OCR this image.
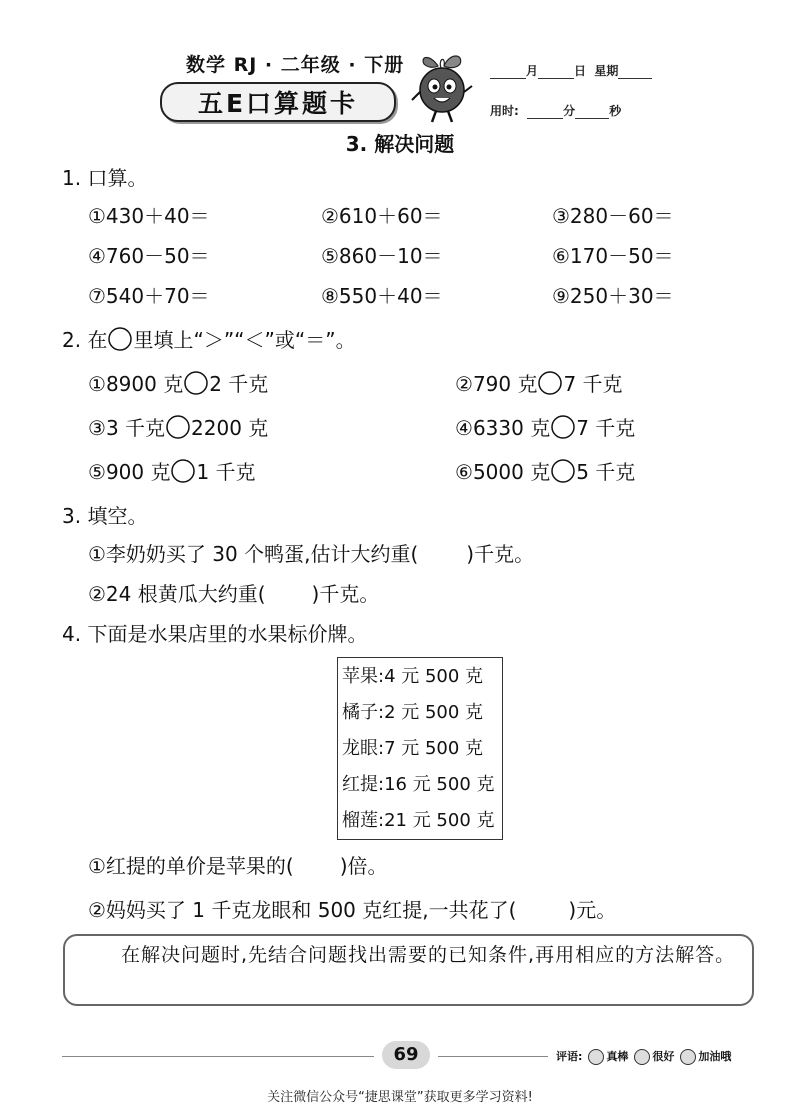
数学 RJ · 二年级 · 下册
五E口算题卡
月	日 星期
用时:	分	秒
3. 解决问题
1. 口算。
①430＋40＝	②610＋60＝	③280－60＝
④760－50＝	⑤860－10＝	⑥170－50＝
⑦540＋70＝	⑧550＋40＝	⑨250＋30＝
2. 在 里填上“＞”“＜”或“＝”。
①8900 克 2 千克	②790 克 7 千克
③3 千克 2200 克	④6330 克 7 千克
⑤900 克 1 千克	⑥5000 克 5 千克
3. 填空。
①李奶奶买了 30 个鸭蛋,估计大约重( )千克。
②24 根黄瓜大约重( )千克。
4. 下面是水果店里的水果标价牌。
苹果:4 元 500 克
橘子:2 元 500 克
龙眼:7 元 500 克
红提:16 元 500 克
榴莲:21 元 500 克
①红提的单价是苹果的( )倍。
②妈妈买了 1 千克龙眼和 500 克红提,一共花了(	)元。
在解决问题时,先结合问题找出需要的已知条件,再用相应的方法解答。
69	评语: 真棒 很好 加油哦
关注微信公众号“捷思课堂”获取更多学习资料!
